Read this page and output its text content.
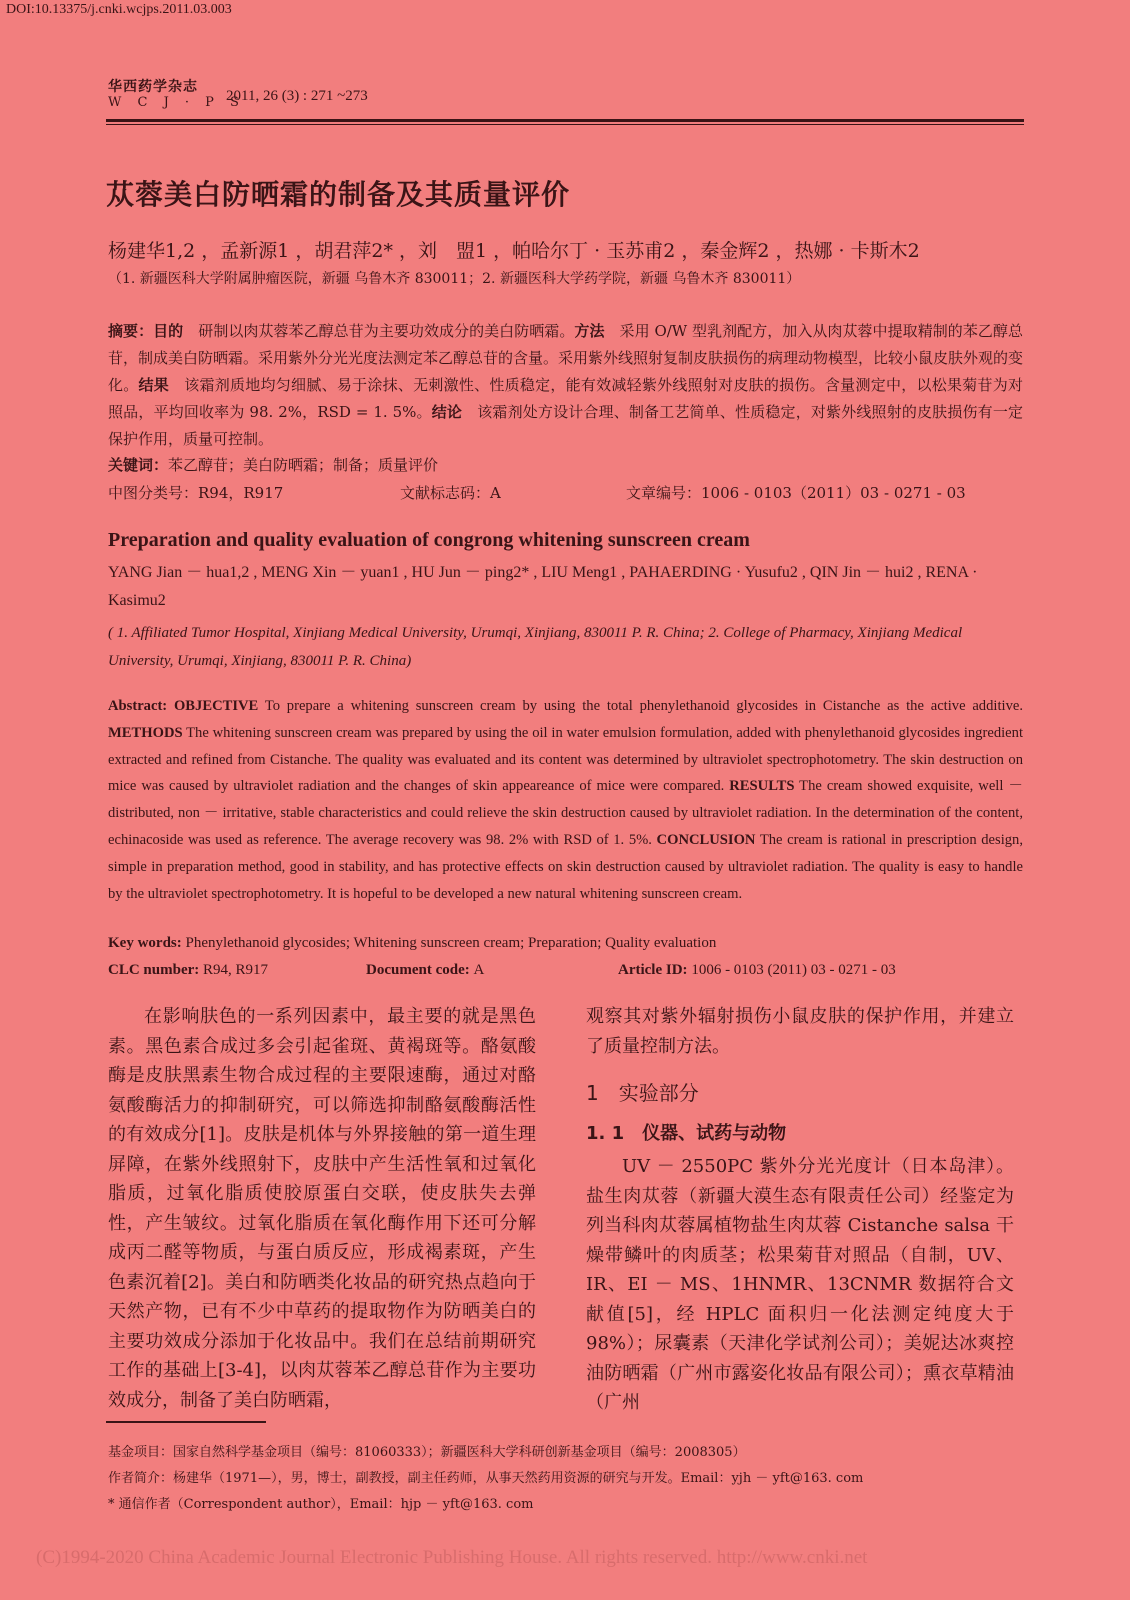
DOI:10.13375/j.cnki.wcjps.2011.03.003
华西药学杂志
W C J · P S
2011, 26 (3) : 271 ~273
苁蓉美白防晒霜的制备及其质量评价
杨建华1,2 ，孟新源1 ，胡君萍2* ，刘　盟1 ，帕哈尔丁 · 玉苏甫2 ，秦金辉2 ，热娜 · 卡斯木2
（1. 新疆医科大学附属肿瘤医院，新疆 乌鲁木齐 830011；2. 新疆医科大学药学院，新疆 乌鲁木齐 830011）
摘要：目的　研制以肉苁蓉苯乙醇总苷为主要功效成分的美白防晒霜。方法　采用 O/W 型乳剂配方，加入从肉苁蓉中提取精制的苯乙醇总苷，制成美白防晒霜。采用紫外分光光度法测定苯乙醇总苷的含量。采用紫外线照射复制皮肤损伤的病理动物模型，比较小鼠皮肤外观的变化。结果　该霜剂质地均匀细腻、易于涂抹、无刺激性、性质稳定，能有效减轻紫外线照射对皮肤的损伤。含量测定中，以松果菊苷为对照品，平均回收率为 98. 2%，RSD = 1. 5%。结论　该霜剂处方设计合理、制备工艺简单、性质稳定，对紫外线照射的皮肤损伤有一定保护作用，质量可控制。
关键词：苯乙醇苷；美白防晒霜；制备；质量评价
中图分类号：R94，R917	文献标志码：A	文章编号：1006 - 0103（2011）03 - 0271 - 03
Preparation and quality evaluation of congrong whitening sunscreen cream
YANG Jian － hua1,2 , MENG Xin － yuan1 , HU Jun － ping2* , LIU Meng1 , PAHAERDING · Yusufu2 , QIN Jin － hui2 , RENA · Kasimu2
( 1. Affiliated Tumor Hospital, Xinjiang Medical University, Urumqi, Xinjiang, 830011 P. R. China; 2. College of Pharmacy, Xinjiang Medical University, Urumqi, Xinjiang, 830011 P. R. China)
Abstract: OBJECTIVE To prepare a whitening sunscreen cream by using the total phenylethanoid glycosides in Cistanche as the active additive. METHODS The whitening sunscreen cream was prepared by using the oil in water emulsion formulation, added with phenylethanoid glycosides ingredient extracted and refined from Cistanche. The quality was evaluated and its content was determined by ultraviolet spectrophotometry. The skin destruction on mice was caused by ultraviolet radiation and the changes of skin appeareance of mice were compared. RESULTS The cream showed exquisite, well － distributed, non － irritative, stable characteristics and could relieve the skin destruction caused by ultraviolet radiation. In the determination of the content, echinacoside was used as reference. The average recovery was 98. 2% with RSD of 1. 5%. CONCLUSION The cream is rational in prescription design, simple in preparation method, good in stability, and has protective effects on skin destruction caused by ultraviolet radiation. The quality is easy to handle by the ultraviolet spectrophotometry. It is hopeful to be developed a new natural whitening sunscreen cream.
Key words: Phenylethanoid glycosides; Whitening sunscreen cream; Preparation; Quality evaluation
CLC number: R94, R917	Document code: A	Article ID: 1006 - 0103 (2011) 03 - 0271 - 03
在影响肤色的一系列因素中，最主要的就是黑色素。黑色素合成过多会引起雀斑、黄褐斑等。酪氨酸酶是皮肤黑素生物合成过程的主要限速酶，通过对酪氨酸酶活力的抑制研究，可以筛选抑制酪氨酸酶活性的有效成分[1]。皮肤是机体与外界接触的第一道生理屏障，在紫外线照射下，皮肤中产生活性氧和过氧化脂质，过氧化脂质使胶原蛋白交联，使皮肤失去弹性，产生皱纹。过氧化脂质在氧化酶作用下还可分解成丙二醛等物质，与蛋白质反应，形成褐素斑，产生色素沉着[2]。美白和防晒类化妆品的研究热点趋向于天然产物，已有不少中草药的提取物作为防晒美白的主要功效成分添加于化妆品中。我们在总结前期研究工作的基础上[3-4]，以肉苁蓉苯乙醇总苷作为主要功效成分，制备了美白防晒霜，
观察其对紫外辐射损伤小鼠皮肤的保护作用，并建立了质量控制方法。
1　实验部分
1. 1　仪器、试药与动物
UV － 2550PC 紫外分光光度计（日本岛津）。盐生肉苁蓉（新疆大漠生态有限责任公司）经鉴定为列当科肉苁蓉属植物盐生肉苁蓉 Cistanche salsa 干燥带鳞叶的肉质茎；松果菊苷对照品（自制，UV、IR、EI － MS、1HNMR、13CNMR 数据符合文献值[5]，经 HPLC 面积归一化法测定纯度大于 98%）；尿囊素（天津化学试剂公司）；美妮达冰爽控油防晒霜（广州市露姿化妆品有限公司）；熏衣草精油（广州
基金项目：国家自然科学基金项目（编号：81060333）；新疆医科大学科研创新基金项目（编号：2008305）
作者简介：杨建华（1971—），男，博士，副教授，副主任药师，从事天然药用资源的研究与开发。Email：yjh － yft@163. com
* 通信作者（Correspondent author），Email：hjp － yft@163. com
(C)1994-2020 China Academic Journal Electronic Publishing House. All rights reserved. http://www.cnki.net
